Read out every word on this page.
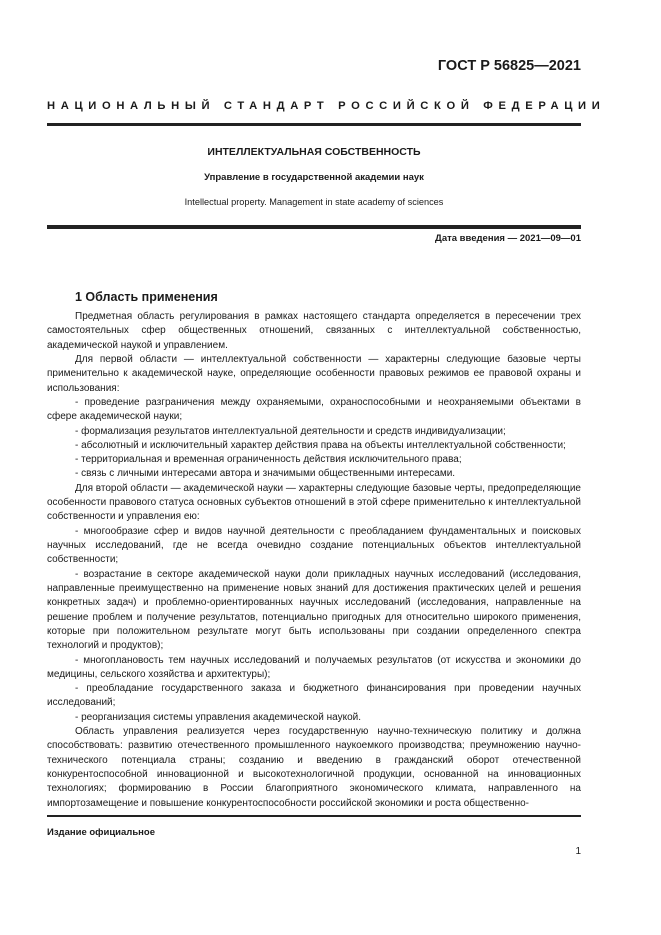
ГОСТ Р 56825—2021
НАЦИОНАЛЬНЫЙ СТАНДАРТ РОССИЙСКОЙ ФЕДЕРАЦИИ
ИНТЕЛЛЕКТУАЛЬНАЯ СОБСТВЕННОСТЬ
Управление в государственной академии наук
Intellectual property. Management in state academy of sciences
Дата введения — 2021—09—01
1 Область применения

Предметная область регулирования в рамках настоящего стандарта определяется в пересечении трех самостоятельных сфер общественных отношений, связанных с интеллектуальной собственностью, академической наукой и управлением.

Для первой области — интеллектуальной собственности — характерны следующие базовые черты применительно к академической науке, определяющие особенности правовых режимов ее правовой охраны и использования:

- проведение разграничения между охраняемыми, охраноспособными и неохраняемыми объектами в сфере академической науки;

- формализация результатов интеллектуальной деятельности и средств индивидуализации;

- абсолютный и исключительный характер действия права на объекты интеллектуальной собственности;

- территориальная и временная ограниченность действия исключительного права;

- связь с личными интересами автора и значимыми общественными интересами.

Для второй области — академической науки — характерны следующие базовые черты, предопределяющие особенности правового статуса основных субъектов отношений в этой сфере применительно к интеллектуальной собственности и управления ею:

- многообразие сфер и видов научной деятельности с преобладанием фундаментальных и поисковых научных исследований, где не всегда очевидно создание потенциальных объектов интеллектуальной собственности;

- возрастание в секторе академической науки доли прикладных научных исследований (исследования, направленные преимущественно на применение новых знаний для достижения практических целей и решения конкретных задач) и проблемно-ориентированных научных исследований (исследования, направленные на решение проблем и получение результатов, потенциально пригодных для относительно широкого применения, которые при положительном результате могут быть использованы при создании определенного спектра технологий и продуктов);

- многоплановость тем научных исследований и получаемых результатов (от искусства и экономики до медицины, сельского хозяйства и архитектуры);

- преобладание государственного заказа и бюджетного финансирования при проведении научных исследований;

- реорганизация системы управления академической наукой.

Область управления реализуется через государственную научно-техническую политику и должна способствовать: развитию отечественного промышленного наукоемкого производства; преумножению научно-технического потенциала страны; созданию и введению в гражданский оборот отечественной конкурентоспособной инновационной и высокотехнологичной продукции, основанной на инновационных технологиях; формированию в России благоприятного экономического климата, направленного на импортозамещение и повышение конкурентоспособности российской экономики и роста общественно-

Издание официальное
1
